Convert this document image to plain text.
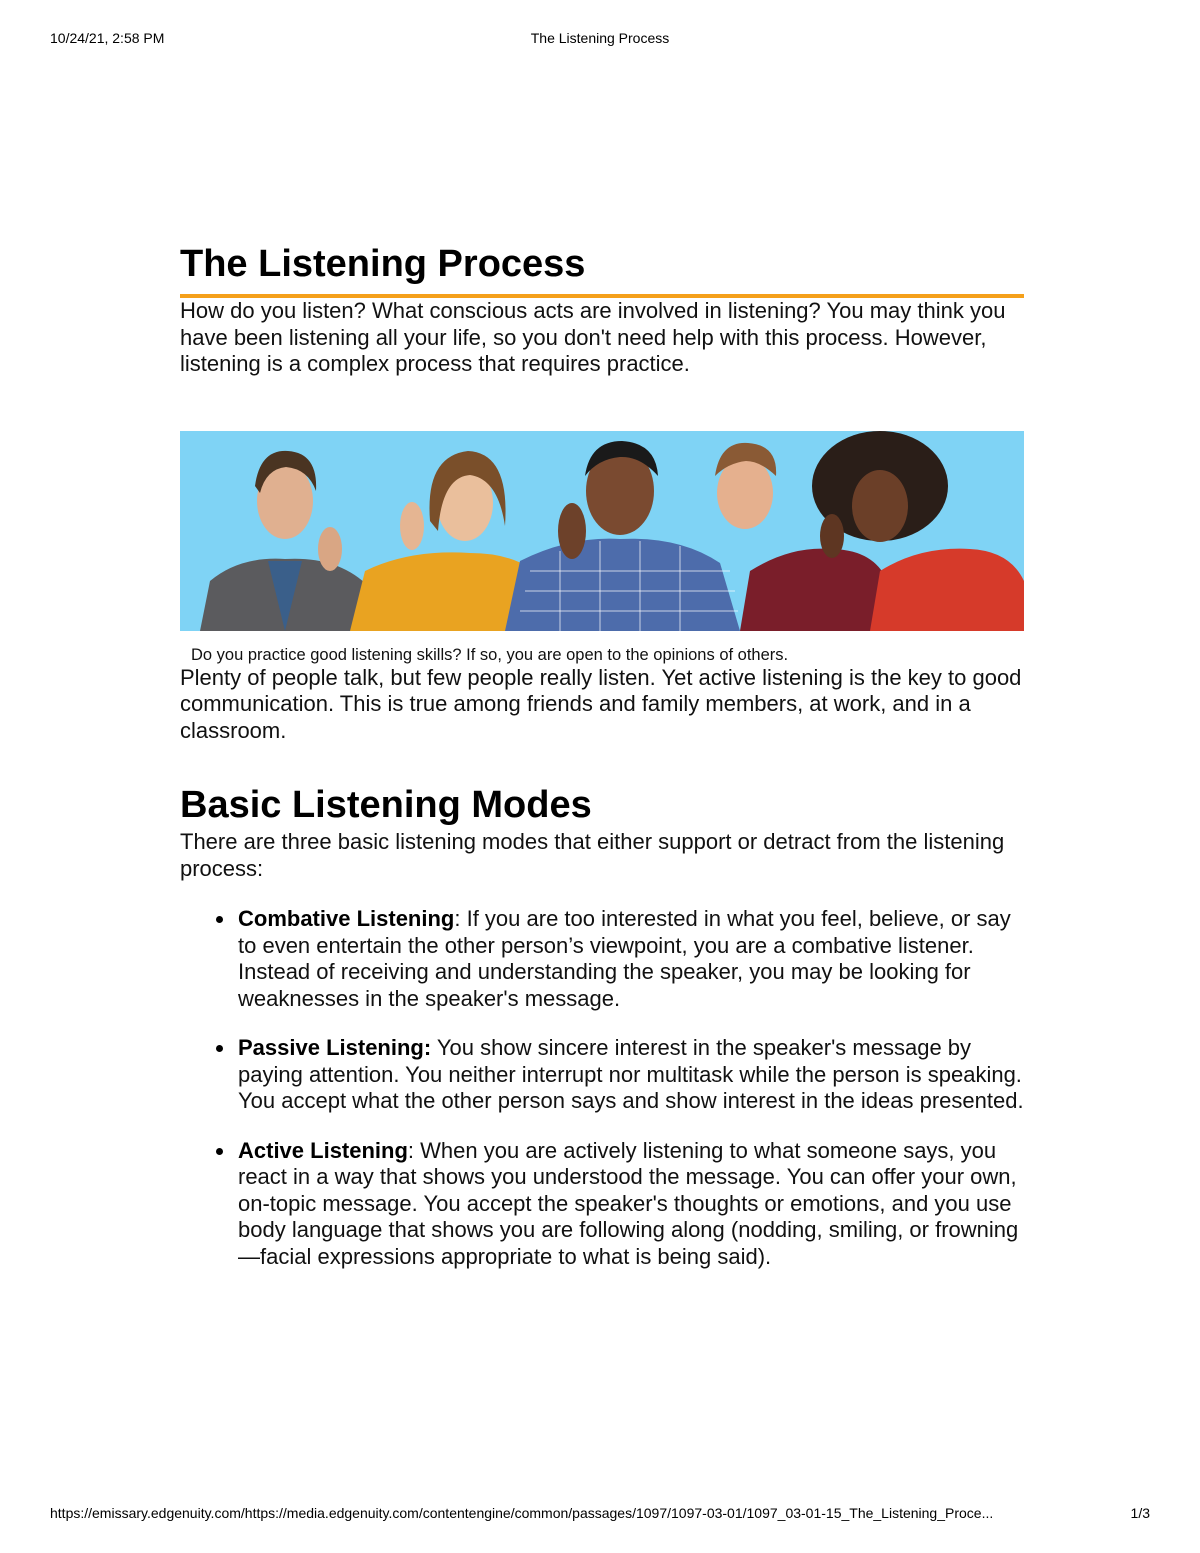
10/24/21, 2:58 PM	The Listening Process
The Listening Process

How do you listen? What conscious acts are involved in listening? You may think you have been listening all your life, so you don't need help with this process. However, listening is a complex process that requires practice.

Do you practice good listening skills? If so, you are open to the opinions of others.

Plenty of people talk, but few people really listen. Yet active listening is the key to good communication. This is true among friends and family members, at work, and in a classroom.

Basic Listening Modes

There are three basic listening modes that either support or detract from the listening process:

Combative Listening: If you are too interested in what you feel, believe, or say to even entertain the other person’s viewpoint, you are a combative listener. Instead of receiving and understanding the speaker, you may be looking for weaknesses in the speaker's message.
Passive Listening: You show sincere interest in the speaker's message by paying attention. You neither interrupt nor multitask while the person is speaking. You accept what the other person says and show interest in the ideas presented.
Active Listening: When you are actively listening to what someone says, you react in a way that shows you understood the message. You can offer your own, on-topic message. You accept the speaker's thoughts or emotions, and you use body language that shows you are following along (nodding, smiling, or frowning—facial expressions appropriate to what is being said).
https://emissary.edgenuity.com/https://media.edgenuity.com/contentengine/common/passages/1097/1097-03-01/1097_03-01-15_The_Listening_Proce...	1/3
